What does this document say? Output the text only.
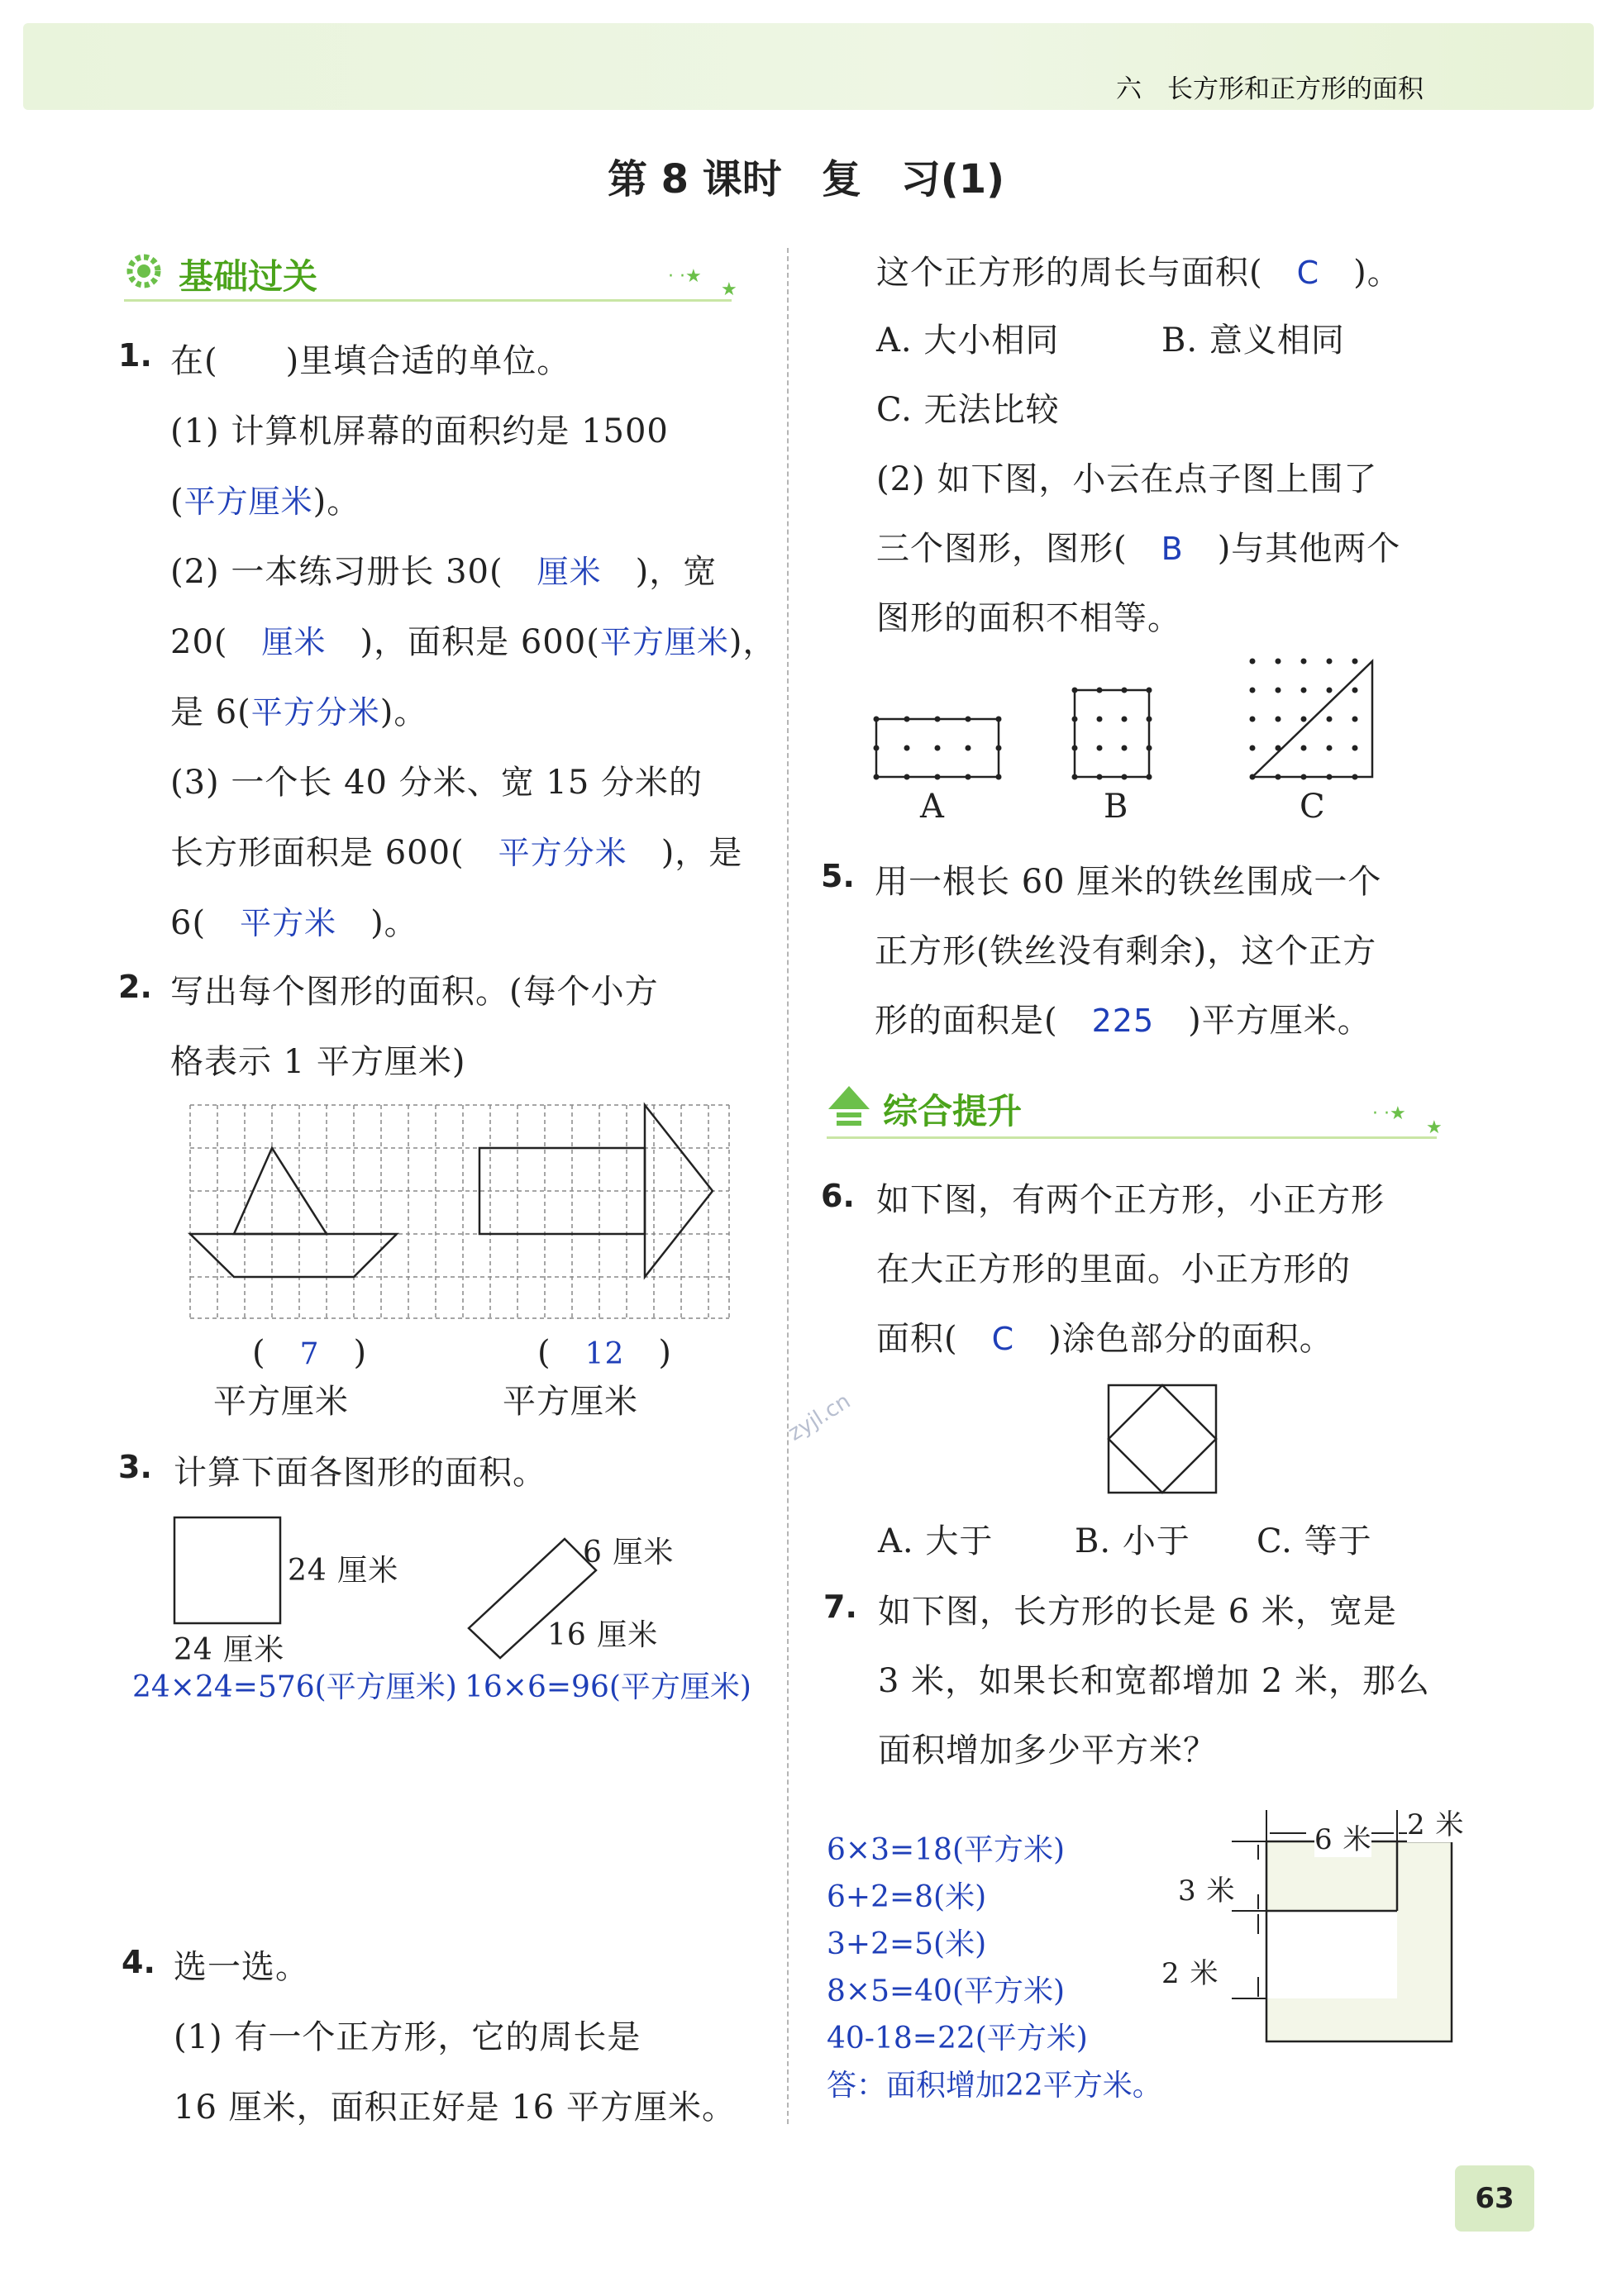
六　长方形和正方形的面积
第 8 课时　复　习(1)
基础过关	· ·★
★
1. 在(　　)里填合适的单位。
(1) 计算机屏幕的面积约是 1500
(平方厘米)。
(2) 一本练习册长 30(　 厘米　 )，宽
20(　 厘米　 )，面积是 600(平方厘米)，
是 6(平方分米)。
(3) 一个长 40 分米、宽 15 分米的
长方形面积是 600(　 平方分米　 )，是
6(　 平方米　 )。
2. 写出每个图形的面积。(每个小方
格表示 1 平方厘米)
(　 7　 )	(　 12　 )
平方厘米	平方厘米
3. 计算下面各图形的面积。
24 厘米
24 厘米
6 厘米
16 厘米
24×24=576(平方厘米) 16×6=96(平方厘米)
4. 选一选。
(1) 有一个正方形，它的周长是
16 厘米，面积正好是 16 平方厘米。
这个正方形的周长与面积(　 C　 )。
A. 大小相同	B. 意义相同
C. 无法比较
(2) 如下图，小云在点子图上围了
三个图形，图形(　 B　 )与其他两个
图形的面积不相等。
A	B	C
5. 用一根长 60 厘米的铁丝围成一个
正方形(铁丝没有剩余)，这个正方
形的面积是(　 225　 )平方厘米。
综合提升	· ·★
★
6. 如下图，有两个正方形，小正方形
在大正方形的里面。小正方形的
面积(　 C　 )涂色部分的面积。
A. 大于 B. 小于 C. 等于
7. 如下图，长方形的长是 6 米，宽是
3 米，如果长和宽都增加 2 米，那么
面积增加多少平方米？
6×3=18(平方米)
6+2=8(米)
3+2=5(米)
8×5=40(平方米)
40-18=22(平方米)
答：面积增加22平方米。
6 米 2 米
3 米
2 米
zyjl.cn
63
